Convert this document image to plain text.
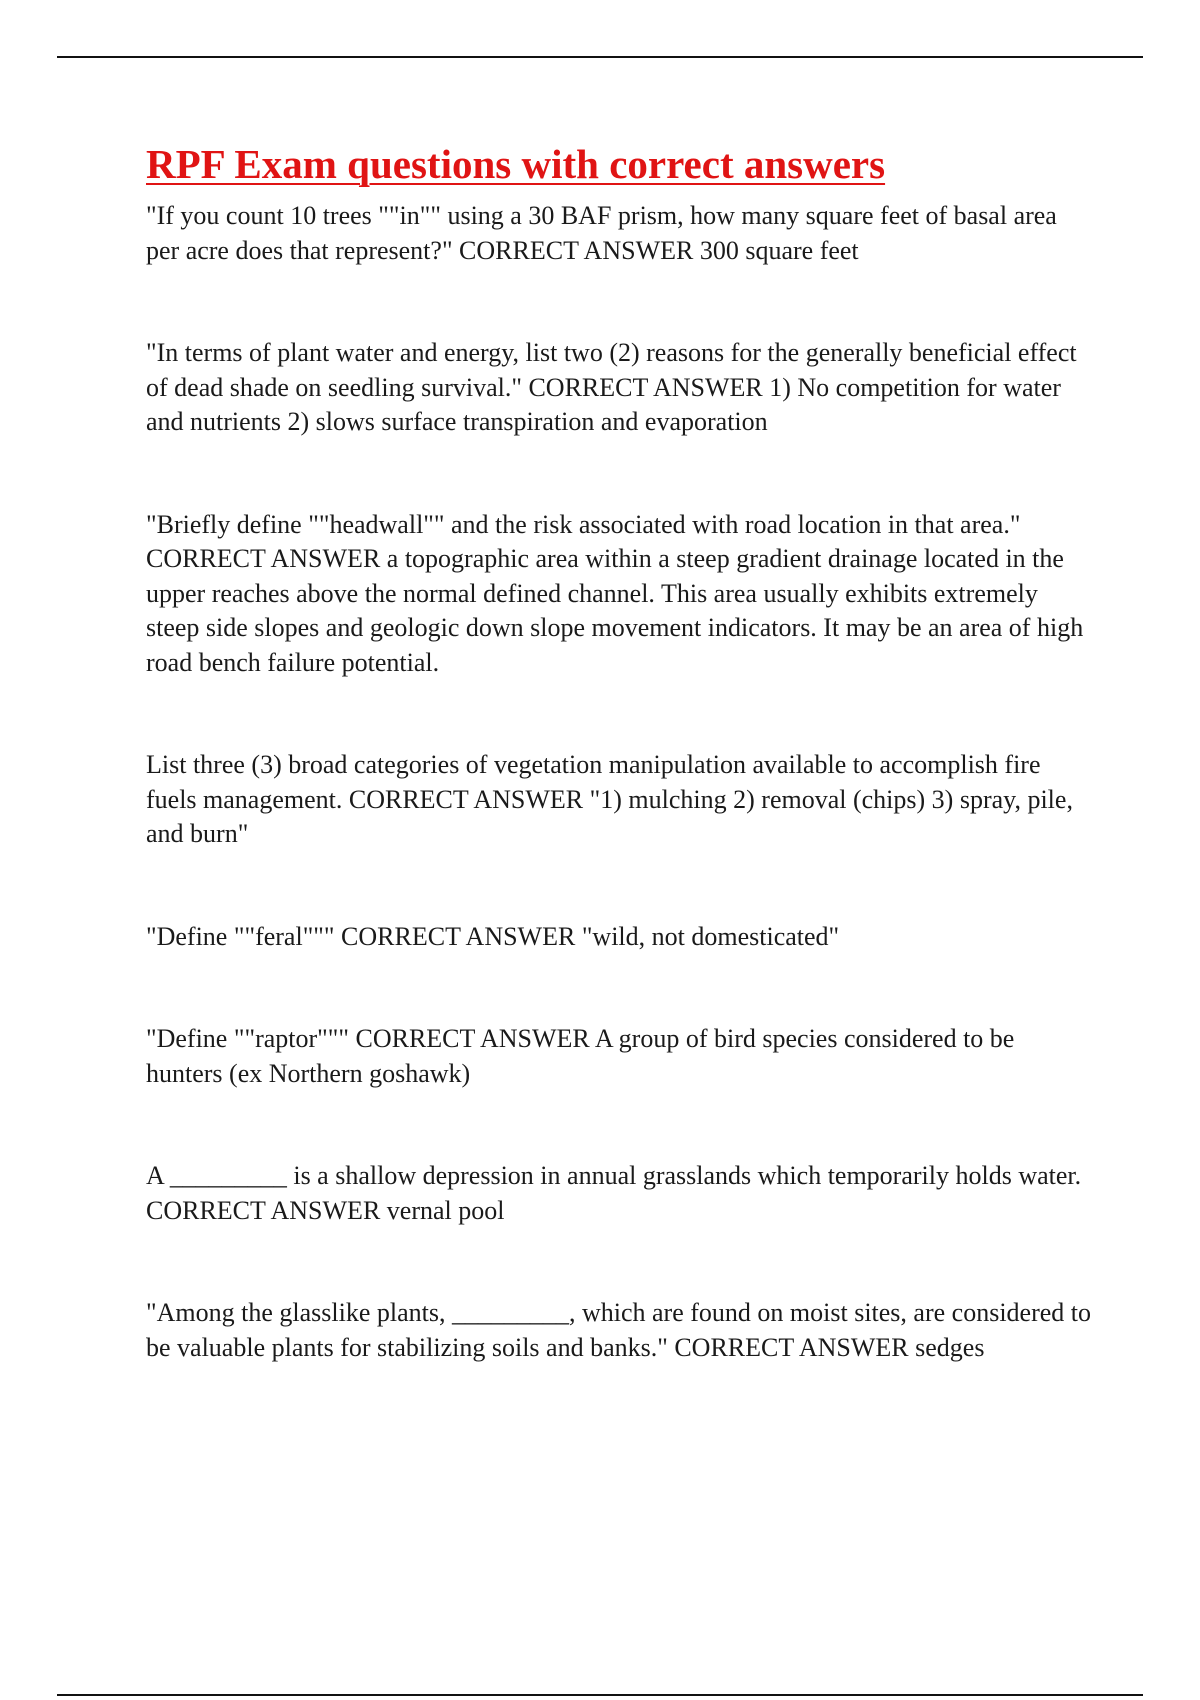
RPF Exam questions with correct answers

"If you count 10 trees ""in"" using a 30 BAF prism, how many square feet of basal area per acre does that represent?" CORRECT ANSWER 300 square feet

"In terms of plant water and energy, list two (2) reasons for the generally beneficial effect of dead shade on seedling survival." CORRECT ANSWER 1) No competition for water and nutrients 2) slows surface transpiration and evaporation

"Briefly define ""headwall"" and the risk associated with road location in that area." CORRECT ANSWER a topographic area within a steep gradient drainage located in the upper reaches above the normal defined channel. This area usually exhibits extremely steep side slopes and geologic down slope movement indicators. It may be an area of high road bench failure potential.

List three (3) broad categories of vegetation manipulation available to accomplish fire fuels management. CORRECT ANSWER "1) mulching 2) removal (chips) 3) spray, pile, and burn"

"Define ""feral""" CORRECT ANSWER "wild, not domesticated"

"Define ""raptor""" CORRECT ANSWER A group of bird species considered to be hunters (ex Northern goshawk)

A _________ is a shallow depression in annual grasslands which temporarily holds water. CORRECT ANSWER vernal pool

"Among the glasslike plants, _________, which are found on moist sites, are considered to be valuable plants for stabilizing soils and banks." CORRECT ANSWER sedges
